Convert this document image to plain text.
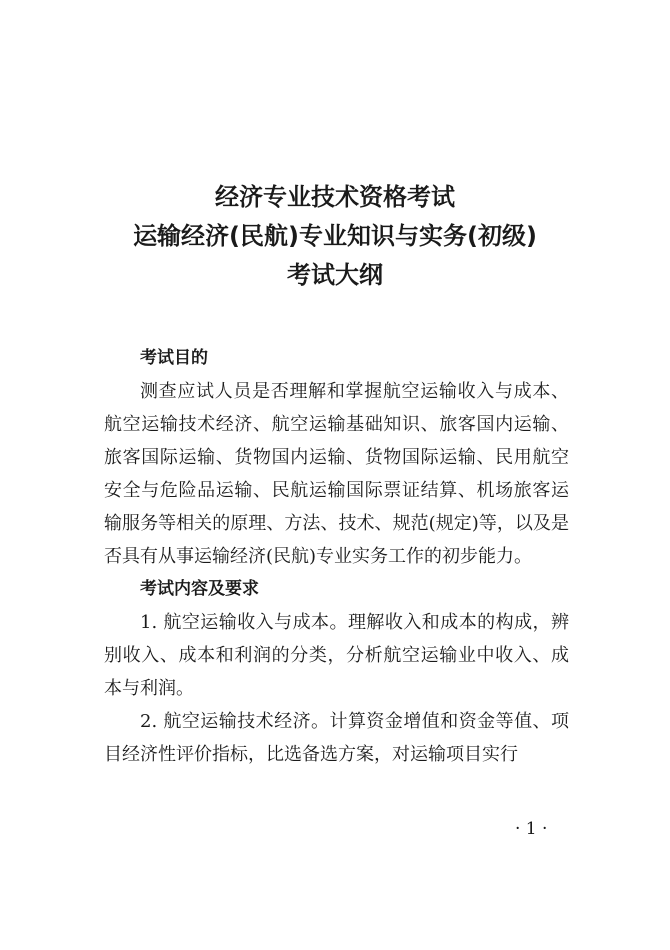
经济专业技术资格考试
运输经济(民航)专业知识与实务(初级)
考试大纲

考试目的

测查应试人员是否理解和掌握航空运输收入与成本、航空运输技术经济、航空运输基础知识、旅客国内运输、旅客国际运输、货物国内运输、货物国际运输、民用航空安全与危险品运输、民航运输国际票证结算、机场旅客运输服务等相关的原理、方法、技术、规范(规定)等，以及是否具有从事运输经济(民航)专业实务工作的初步能力。

考试内容及要求

1. 航空运输收入与成本。理解收入和成本的构成，辨别收入、成本和利润的分类，分析航空运输业中收入、成本与利润。

2. 航空运输技术经济。计算资金增值和资金等值、项目经济性评价指标，比选备选方案，对运输项目实行

· 1 ·
